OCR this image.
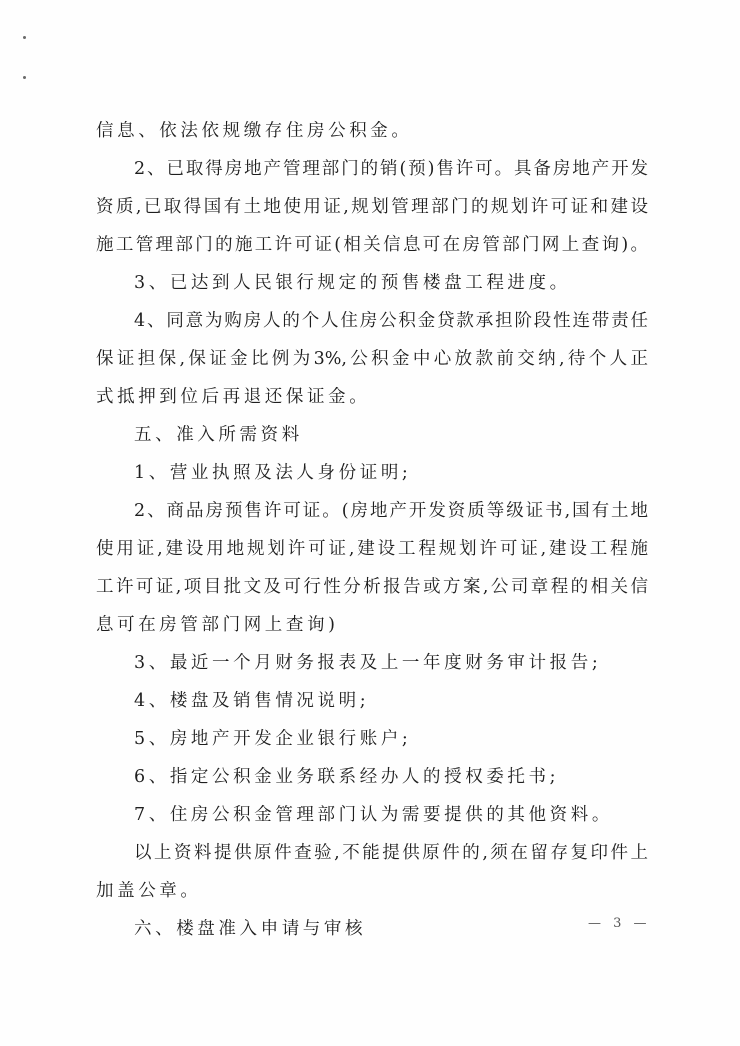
信息、依法依规缴存住房公积金。
2、已取得房地产管理部门的销(预)售许可。具备房地产开发
资质,已取得国有土地使用证,规划管理部门的规划许可证和建设
施工管理部门的施工许可证(相关信息可在房管部门网上查询)。
3、已达到人民银行规定的预售楼盘工程进度。
4、同意为购房人的个人住房公积金贷款承担阶段性连带责任
保证担保,保证金比例为3%,公积金中心放款前交纳,待个人正
式抵押到位后再退还保证金。
五、准入所需资料
1、营业执照及法人身份证明;
2、商品房预售许可证。(房地产开发资质等级证书,国有土地
使用证,建设用地规划许可证,建设工程规划许可证,建设工程施
工许可证,项目批文及可行性分析报告或方案,公司章程的相关信
息可在房管部门网上查询)
3、最近一个月财务报表及上一年度财务审计报告;
4、楼盘及销售情况说明;
5、房地产开发企业银行账户;
6、指定公积金业务联系经办人的授权委托书;
7、住房公积金管理部门认为需要提供的其他资料。
以上资料提供原件查验,不能提供原件的,须在留存复印件上
加盖公章。
六、楼盘准入申请与审核	— 3 —
